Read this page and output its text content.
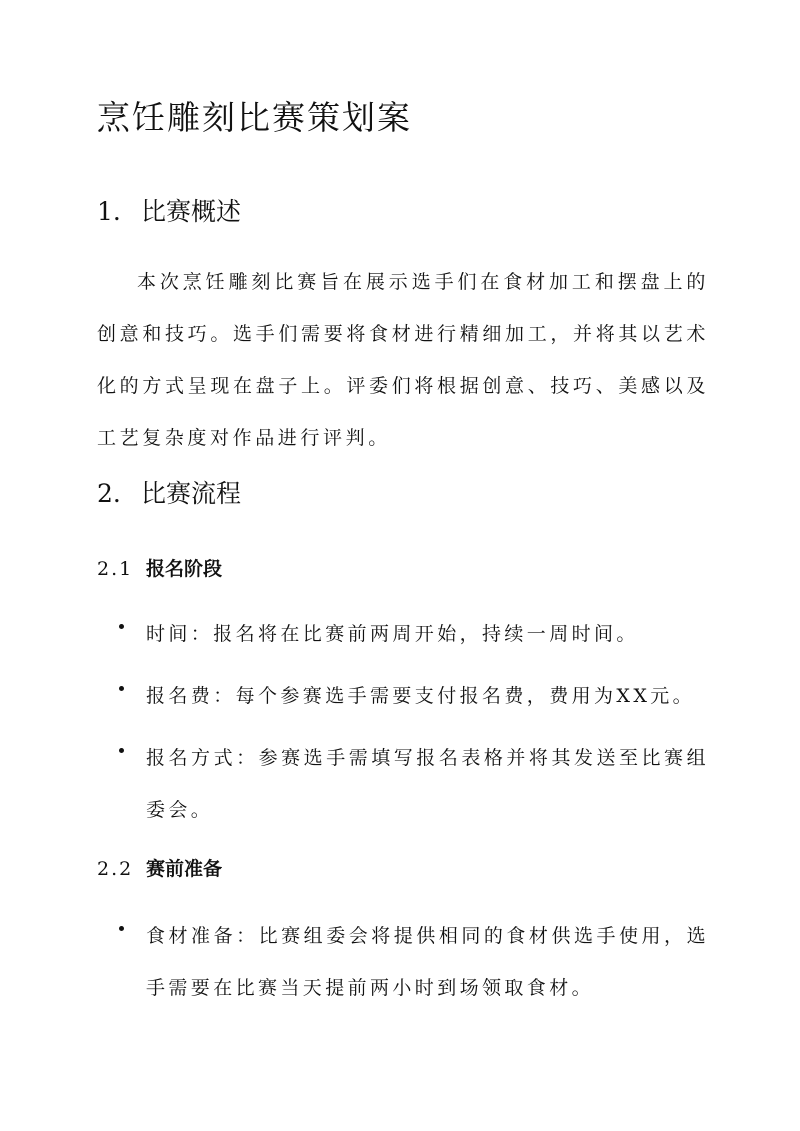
烹饪雕刻比赛策划案
1. 比赛概述
本次烹饪雕刻比赛旨在展示选手们在食材加工和摆盘上的创意和技巧。选手们需要将食材进行精细加工，并将其以艺术化的方式呈现在盘子上。评委们将根据创意、技巧、美感以及工艺复杂度对作品进行评判。
2. 比赛流程
2.1 报名阶段
时间：报名将在比赛前两周开始，持续一周时间。
报名费：每个参赛选手需要支付报名费，费用为XX元。
报名方式：参赛选手需填写报名表格并将其发送至比赛组委会。
2.2 赛前准备
食材准备：比赛组委会将提供相同的食材供选手使用，选手需要在比赛当天提前两小时到场领取食材。
